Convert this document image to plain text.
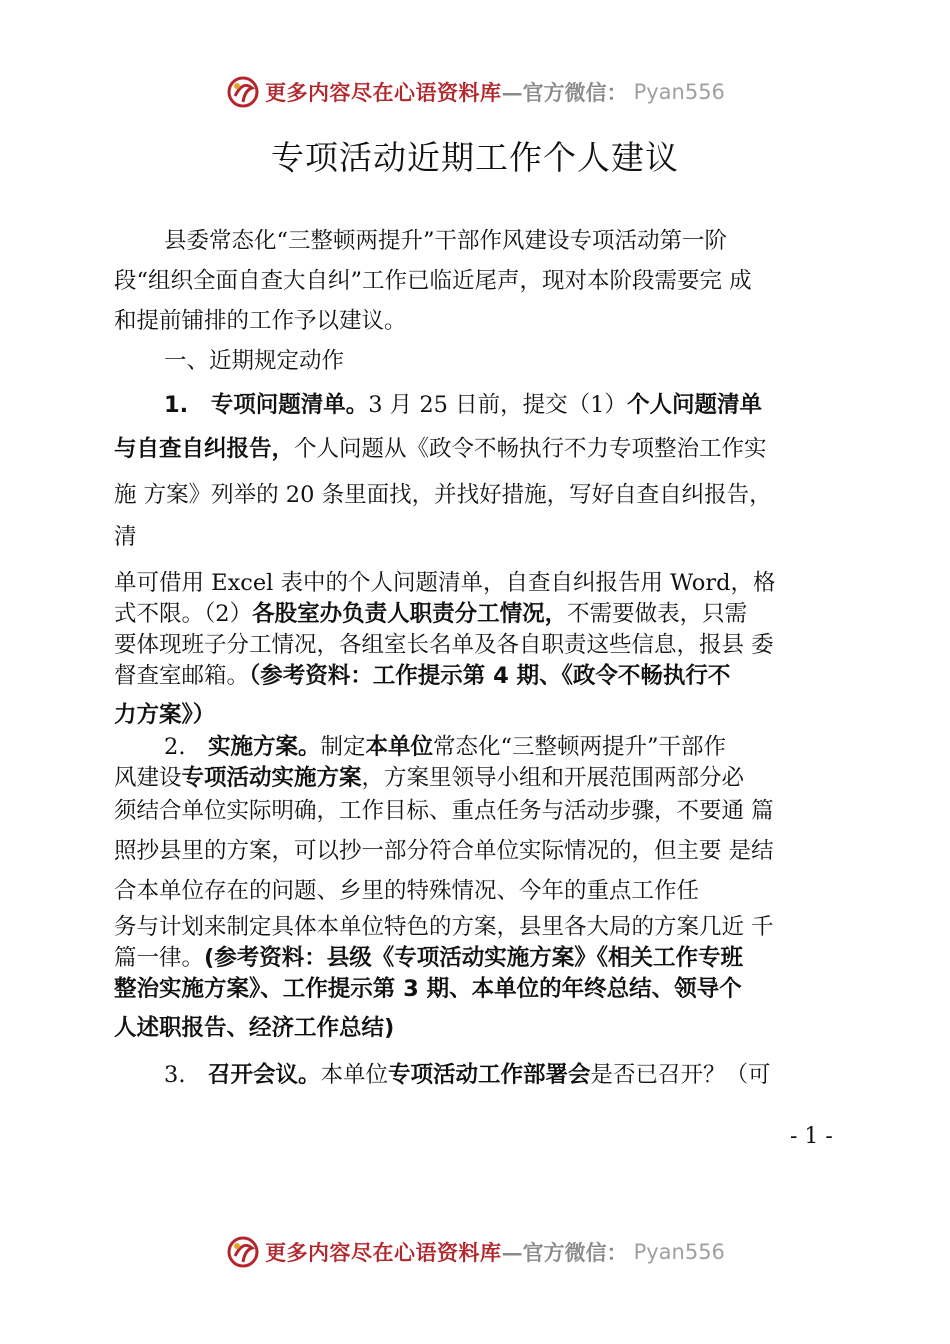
更多内容尽在心语资料库 — 官方微信： Pyan556
专项活动近期工作个人建议

县委常态化“三整顿两提升”干部作风建设专项活动第一阶

段“组织全面自查大自纠”工作已临近尾声，现对本阶段需要完 成

和提前铺排的工作予以建议。

一、近期规定动作

1.　专项问题清单。3 月 25 日前，提交（1）个人问题清单

与自查自纠报告，个人问题从《政令不畅执行不力专项整治工作实

施 方案》列举的 20 条里面找，并找好措施，写好自查自纠报告，

清

单可借用 Excel 表中的个人问题清单，自查自纠报告用 Word，格

式不限。（2）各股室办负责人职责分工情况，不需要做表，只需

要体现班子分工情况，各组室长名单及各自职责这些信息，报县 委

督查室邮箱。（参考资料：工作提示第 4 期、《政令不畅执行不

力方案》）

2.　实施方案。制定本单位常态化“三整顿两提升”干部作

风建设专项活动实施方案，方案里领导小组和开展范围两部分必

须结合单位实际明确，工作目标、重点任务与活动步骤，不要通 篇

照抄县里的方案，可以抄一部分符合单位实际情况的，但主要 是结

合本单位存在的问题、乡里的特殊情况、今年的重点工作任

务与计划来制定具体本单位特色的方案，县里各大局的方案几近 千

篇一律。(参考资料：县级《专项活动实施方案》《相关工作专班

整治实施方案》、工作提示第 3 期、本单位的年终总结、领导个

人述职报告、经济工作总结)

3.　召开会议。本单位专项活动工作部署会是否已召开？（可

- 1 -
更多内容尽在心语资料库 — 官方微信： Pyan556
